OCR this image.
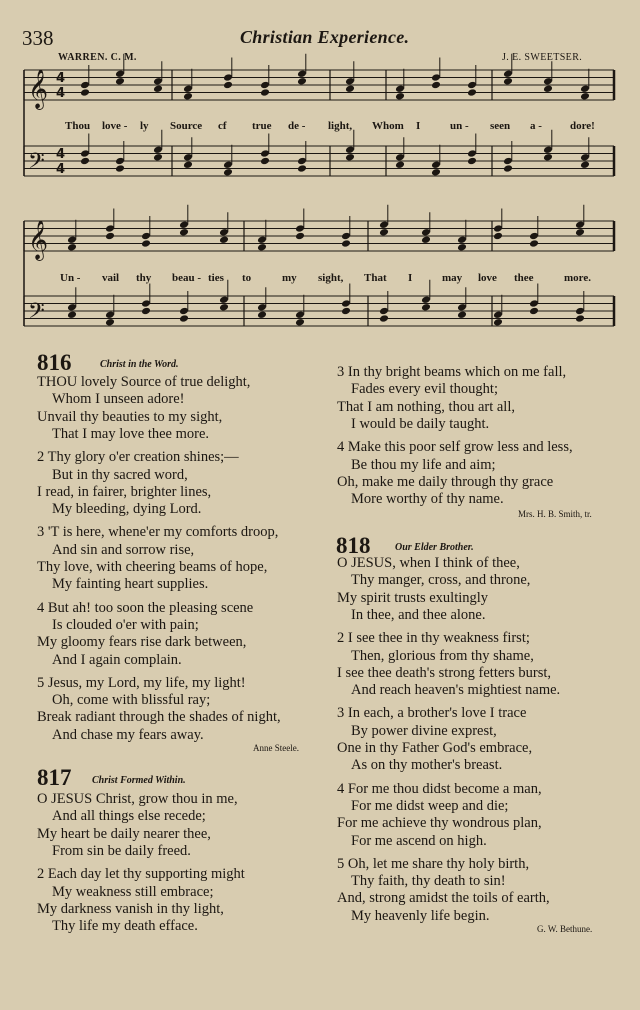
338	Christian Experience.
WARREN. C. M.	J. E. SWEETSER.
𝄞 4
4
𝄢 4
4
𝄞
𝄢
Thou love - ly Source cf true de - light, Whom I	un - seen a -	dore!
Un - vail thy beau - ties to	my sight, That I	may love thee	more.
816	Christ in the Word.
THOU lovely Source of true delight,
Whom I unseen adore!
Unvail thy beauties to my sight,
That I may love thee more.
2 Thy glory o'er creation shines;—
But in thy sacred word,
I read, in fairer, brighter lines,
My bleeding, dying Lord.
3 'T is here, whene'er my comforts droop,
And sin and sorrow rise,
Thy love, with cheering beams of hope,
My fainting heart supplies.
4 But ah! too soon the pleasing scene
Is clouded o'er with pain;
My gloomy fears rise dark between,
And I again complain.
5 Jesus, my Lord, my life, my light!
Oh, come with blissful ray;
Break radiant through the shades of night,
And chase my fears away.
Anne Steele.
817 Christ Formed Within.
O JESUS Christ, grow thou in me,
And all things else recede;
My heart be daily nearer thee,
From sin be daily freed.
2 Each day let thy supporting might
My weakness still embrace;
My darkness vanish in thy light,
Thy life my death efface.
3 In thy bright beams which on me fall,
Fades every evil thought;
That I am nothing, thou art all,
I would be daily taught.
4 Make this poor self grow less and less,
Be thou my life and aim;
Oh, make me daily through thy grace
More worthy of thy name.
Mrs. H. B. Smith, tr.
818 Our Elder Brother.
O JESUS, when I think of thee,
Thy manger, cross, and throne,
My spirit trusts exultingly
In thee, and thee alone.
2 I see thee in thy weakness first;
Then, glorious from thy shame,
I see thee death's strong fetters burst,
And reach heaven's mightiest name.
3 In each, a brother's love I trace
By power divine exprest,
One in thy Father God's embrace,
As on thy mother's breast.
4 For me thou didst become a man,
For me didst weep and die;
For me achieve thy wondrous plan,
For me ascend on high.
5 Oh, let me share thy holy birth,
Thy faith, thy death to sin!
And, strong amidst the toils of earth,
My heavenly life begin.
G. W. Bethune.
